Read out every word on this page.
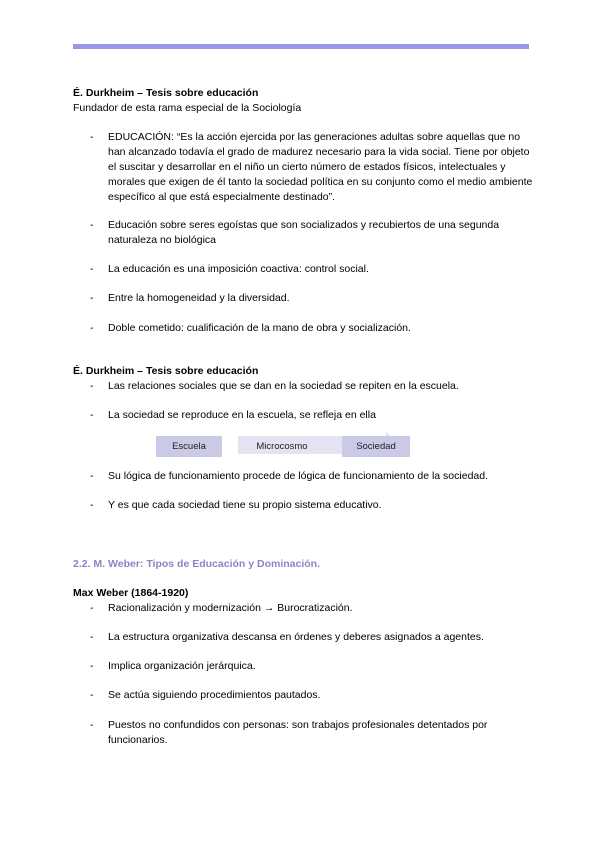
É. Durkheim – Tesis sobre educación
Fundador de esta rama especial de la Sociología
- EDUCACIÓN: “Es la acción ejercida por las generaciones adultas sobre aquellas que no han alcanzado todavía el grado de madurez necesario para la vida social. Tiene por objeto el suscitar y desarrollar en el niño un cierto número de estados físicos, intelectuales y morales que exigen de él tanto la sociedad política en su conjunto como el medio ambiente específico al que está especialmente destinado”.
- Educación sobre seres egoístas que son socializados y recubiertos de una segunda naturaleza no biológica
- La educación es una imposición coactiva: control social.
- Entre la homogeneidad y la diversidad.
- Doble cometido: cualificación de la mano de obra y socialización.
É. Durkheim – Tesis sobre educación
- Las relaciones sociales que se dan en la sociedad se repiten en la escuela.
- La sociedad se reproduce en la escuela, se refleja en ella
Escuela	Microcosmo	Sociedad
- Su lógica de funcionamiento procede de lógica de funcionamiento de la sociedad.
- Y es que cada sociedad tiene su propio sistema educativo.
2.2. M. Weber: Tipos de Educación y Dominación.
Max Weber (1864-1920)
- Racionalización y modernización → Burocratización.
- La estructura organizativa descansa en órdenes y deberes asignados a agentes.
- Implica organización jerárquica.
- Se actúa siguiendo procedimientos pautados.
- Puestos no confundidos con personas: son trabajos profesionales detentados por funcionarios.
